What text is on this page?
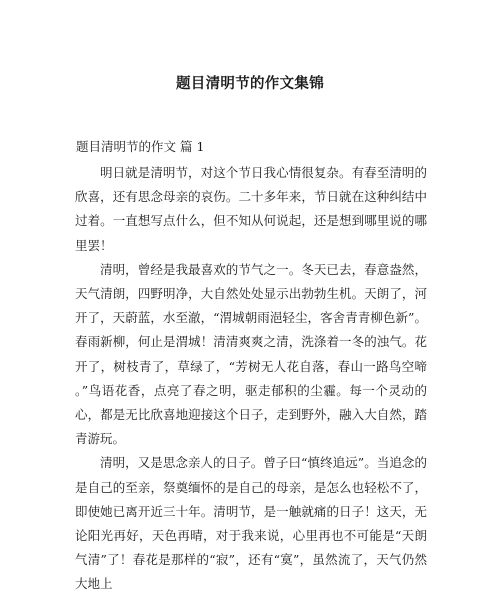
题目清明节的作文集锦
题目清明节的作文 篇 1

明日就是清明节，对这个节日我心情很复杂。有春至清明的欣喜，还有思念母亲的哀伤。二十多年来，节日就在这种纠结中过着。一直想写点什么，但不知从何说起，还是想到哪里说的哪里罢！

清明，曾经是我最喜欢的节气之一。冬天已去，春意盎然，天气清朗，四野明净，大自然处处显示出勃勃生机。天朗了，河开了，天蔚蓝，水至澈，“渭城朝雨浥轻尘，客舍青青柳色新”。春雨新柳，何止是渭城！清清爽爽之清，洗涤着一冬的浊气。花开了，树枝青了，草绿了，“芳树无人花自落，春山一路鸟空啼 。”鸟语花香，点亮了春之明，驱走郁积的尘霾。每一个灵动的心，都是无比欣喜地迎接这个日子，走到野外，融入大自然，踏青游玩。

清明，又是思念亲人的日子。曾子曰“慎终追远”。当追念的是自己的至亲，祭奠缅怀的是自己的母亲，是怎么也轻松不了，即使她已离开近三十年。清明节，是一触就痛的日子！这天，无论阳光再好，天色再晴，对于我来说，心里再也不可能是“天朗气清”了！春花是那样的“寂”，还有“寞”，虽然流了，天气仍然大地上
